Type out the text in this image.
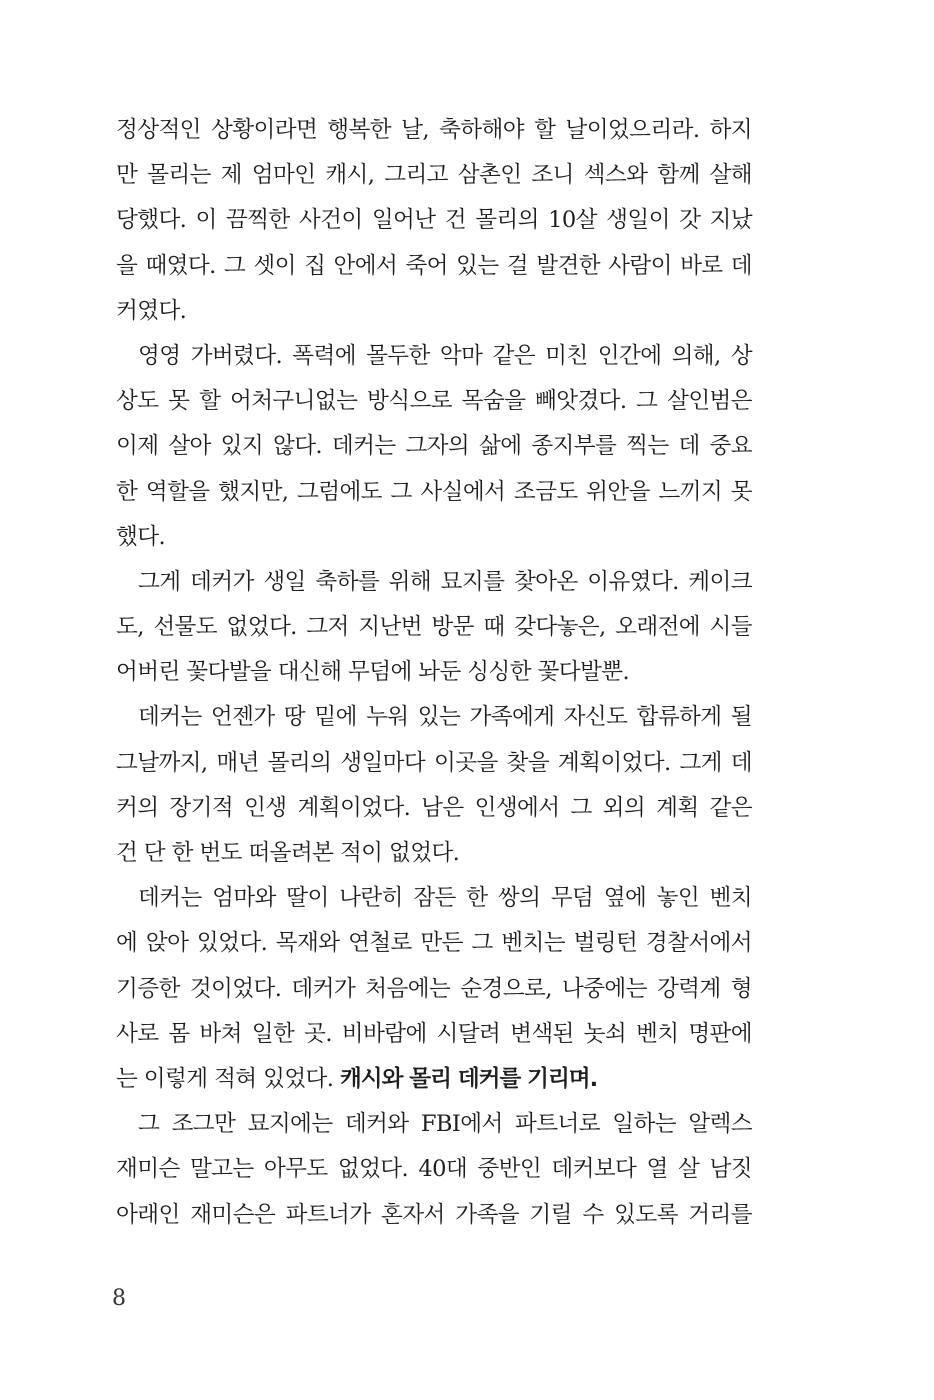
정상적인 상황이라면 행복한 날, 축하해야 할 날이었으리라. 하지
만 몰리는 제 엄마인 캐시, 그리고 삼촌인 조니 섹스와 함께 살해
당했다. 이 끔찍한 사건이 일어난 건 몰리의 10살 생일이 갓 지났
을 때였다. 그 셋이 집 안에서 죽어 있는 걸 발견한 사람이 바로 데
커였다.
영영 가버렸다. 폭력에 몰두한 악마 같은 미친 인간에 의해, 상
상도 못 할 어처구니없는 방식으로 목숨을 빼앗겼다. 그 살인범은
이제 살아 있지 않다. 데커는 그자의 삶에 종지부를 찍는 데 중요
한 역할을 했지만, 그럼에도 그 사실에서 조금도 위안을 느끼지 못
했다.
그게 데커가 생일 축하를 위해 묘지를 찾아온 이유였다. 케이크
도, 선물도 없었다. 그저 지난번 방문 때 갖다놓은, 오래전에 시들
어버린 꽃다발을 대신해 무덤에 놔둔 싱싱한 꽃다발뿐.
데커는 언젠가 땅 밑에 누워 있는 가족에게 자신도 합류하게 될
그날까지, 매년 몰리의 생일마다 이곳을 찾을 계획이었다. 그게 데
커의 장기적 인생 계획이었다. 남은 인생에서 그 외의 계획 같은
건 단 한 번도 떠올려본 적이 없었다.
데커는 엄마와 딸이 나란히 잠든 한 쌍의 무덤 옆에 놓인 벤치
에 앉아 있었다. 목재와 연철로 만든 그 벤치는 벌링턴 경찰서에서
기증한 것이었다. 데커가 처음에는 순경으로, 나중에는 강력계 형
사로 몸 바쳐 일한 곳. 비바람에 시달려 변색된 놋쇠 벤치 명판에
는 이렇게 적혀 있었다. 캐시와 몰리 데커를 기리며.
그 조그만 묘지에는 데커와 FBI에서 파트너로 일하는 알렉스
재미슨 말고는 아무도 없었다. 40대 중반인 데커보다 열 살 남짓
아래인 재미슨은 파트너가 혼자서 가족을 기릴 수 있도록 거리를
8
